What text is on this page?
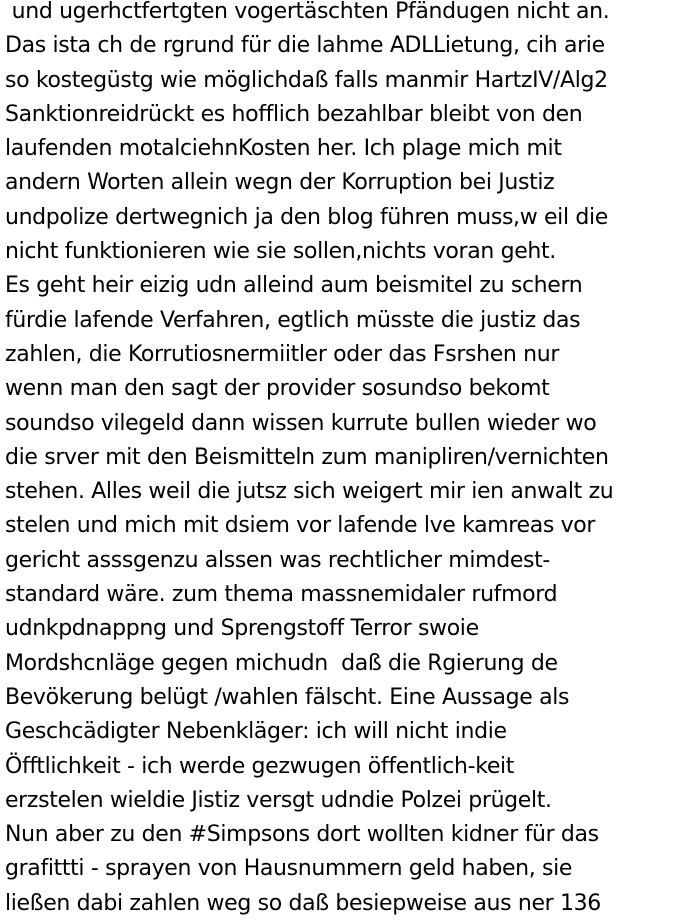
und ugerhctfertgten vogertäschten Pfändugen nicht an.
Das ista ch de rgrund für die lahme ADLLietung, cih arie
so kostegüstg wie möglichdaß falls manmir HartzIV/Alg2
Sanktionreidrückt es hofflich bezahlbar bleibt von den
laufenden motalciehnKosten her. Ich plage mich mit
andern Worten allein wegn der Korruption bei Justiz
undpolize dertwegnich ja den blog führen muss,w eil die
nicht funktionieren wie sie sollen,nichts voran geht.
Es geht heir eizig udn alleind aum beismitel zu schern
fürdie lafende Verfahren, egtlich müsste die justiz das
zahlen, die Korrutiosnermiitler oder das Fsrshen nur
wenn man den sagt der provider sosundso bekomt
soundso vilegeld dann wissen kurrute bullen wieder wo
die srver mit den Beismitteln zum manipliren/vernichten
stehen. Alles weil die jutsz sich weigert mir ien anwalt zu
stelen und mich mit dsiem vor lafende lve kamreas vor
gericht asssgenzu alssen was rechtlicher mimdest-
standard wäre. zum thema massnemidaler rufmord
udnkpdnappng und Sprengstoff Terror swoie
Mordshcnläge gegen michudn  daß die Rgierung de
Bevökerung belügt /wahlen fälscht. Eine Aussage als
Geschcädigter Nebenkläger: ich will nicht indie
Öfftlichkeit - ich werde gezwugen öffentlich-keit
erzstelen wieldie Jistiz versgt udndie Polzei prügelt.
Nun aber zu den #Simpsons dort wollten kidner für das
grafittti - sprayen von Hausnummern geld haben, sie
ließen dabi zahlen weg so daß besiepweise aus ner 136
